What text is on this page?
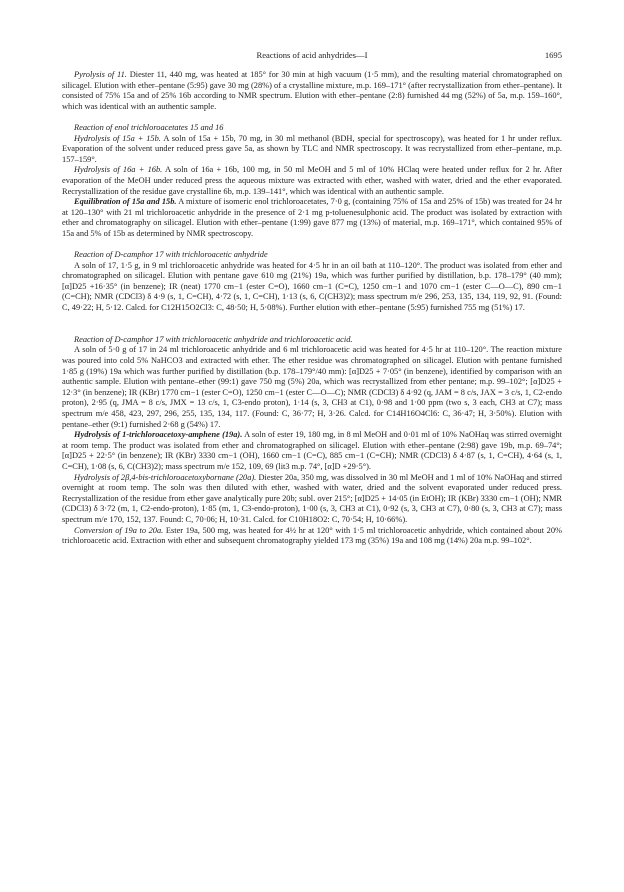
Reactions of acid anhydrides—I	1695

Pyrolysis of 11. Diester 11, 440 mg, was heated at 185° for 30 min at high vacuum (1·5 mm), and the resulting material chromatographed on silicagel. Elution with ether–pentane (5:95) gave 30 mg (28%) of a crystalline mixture, m.p. 169–171° (after recrystallization from ether–pentane). It consisted of 75% 15a and of 25% 16b according to NMR spectrum. Elution with ether–pentane (2:8) furnished 44 mg (52%) of 5a, m.p. 159–160°, which was identical with an authentic sample.

Reaction of enol trichloroacetates 15 and 16

Hydrolysis of 15a + 15b. A soln of 15a + 15b, 70 mg, in 30 ml methanol (BDH, special for spectroscopy), was heated for 1 hr under reflux. Evaporation of the solvent under reduced press gave 5a, as shown by TLC and NMR spectroscopy. It was recrystallized from ether–pentane, m.p. 157–159°.

Hydrolysis of 16a + 16b. A soln of 16a + 16b, 100 mg, in 50 ml MeOH and 5 ml of 10% HClaq were heated under reflux for 2 hr. After evaporation of the MeOH under reduced press the aqueous mixture was extracted with ether, washed with water, dried and the ether evaporated. Recrystallization of the residue gave crystalline 6b, m.p. 139–141°, which was identical with an authentic sample.

Equilibration of 15a and 15b. A mixture of isomeric enol trichloroacetates, 7·0 g, (containing 75% of 15a and 25% of 15b) was treated for 24 hr at 120–130° with 21 ml trichloroacetic anhydride in the presence of 2·1 mg p-toluenesulphonic acid. The product was isolated by extraction with ether and chromatography on silicagel. Elution with ether–pentane (1:99) gave 877 mg (13%) of material, m.p. 169–171°, which contained 95% of 15a and 5% of 15b as determined by NMR spectroscopy.

Reaction of D-camphor 17 with trichloroacetic anhydride

A soln of 17, 1·5 g, in 9 ml trichloroacetic anhydride was heated for 4·5 hr in an oil bath at 110–120°. The product was isolated from ether and chromatographed on silicagel. Elution with pentane gave 610 mg (21%) 19a, which was further purified by distillation, b.p. 178–179° (40 mm); [α]D25 +16·35° (in benzene); IR (neat) 1770 cm−1 (ester C=O), 1660 cm−1 (C=C), 1250 cm−1 and 1070 cm−1 (ester C—O—C), 890 cm−1 (C=CH); NMR (CDCl3) δ 4·9 (s, 1, C=CH), 4·72 (s, 1, C=CH), 1·13 (s, 6, C(CH3)2); mass spectrum m/e 296, 253, 135, 134, 119, 92, 91. (Found: C, 49·22; H, 5·12. Calcd. for C12H15O2Cl3: C, 48·50; H, 5·08%). Further elution with ether–pentane (5:95) furnished 755 mg (51%) 17.

Reaction of D-camphor 17 with trichloroacetic anhydride and trichloroacetic acid.

A soln of 5·0 g of 17 in 24 ml trichloroacetic anhydride and 6 ml trichloroacetic acid was heated for 4·5 hr at 110–120°. The reaction mixture was poured into cold 5% NaHCO3 and extracted with ether. The ether residue was chromatographed on silicagel. Elution with pentane furnished 1·85 g (19%) 19a which was further purified by distillation (b.p. 178–179°/40 mm): [α]D25 + 7·05° (in benzene), identified by comparison with an authentic sample. Elution with pentane–ether (99:1) gave 750 mg (5%) 20a, which was recrystallized from ether pentane; m.p. 99–102°; [α]D25 + 12·3° (in benzene); IR (KBr) 1770 cm−1 (ester C=O), 1250 cm−1 (ester C—O—C); NMR (CDCl3) δ 4·92 (q, JAM = 8 c/s, JAX = 3 c/s, 1, C2-endo proton), 2·95 (q, JMA = 8 c/s, JMX = 13 c/s, 1, C3-endo proton), 1·14 (s, 3, CH3 at C1), 0·98 and 1·00 ppm (two s, 3 each, CH3 at C7); mass spectrum m/e 458, 423, 297, 296, 255, 135, 134, 117. (Found: C, 36·77; H, 3·26. Calcd. for C14H16O4Cl6: C, 36·47; H, 3·50%). Elution with pentane–ether (9:1) furnished 2·68 g (54%) 17.

Hydrolysis of 1-trichloroacetoxy-amphene (19a). A soln of ester 19, 180 mg, in 8 ml MeOH and 0·01 ml of 10% NaOHaq was stirred overnight at room temp. The product was isolated from ether and chromatographed on silicagel. Elution with ether–pentane (2:98) gave 19b, m.p. 69–74°; [α]D25 + 22·5° (in benzene); IR (KBr) 3330 cm−1 (OH), 1660 cm−1 (C=C), 885 cm−1 (C=CH); NMR (CDCl3) δ 4·87 (s, 1, C=CH), 4·64 (s, 1, C=CH), 1·08 (s, 6, C(CH3)2); mass spectrum m/e 152, 109, 69 (lit3 m.p. 74°, [α]D +29·5°).

Hydrolysis of 2β,4-bis-trichloroacetoxybornane (20a). Diester 20a, 350 mg, was dissolved in 30 ml MeOH and 1 ml of 10% NaOHaq and stirred overnight at room temp. The soln was then diluted with ether, washed with water, dried and the solvent evaporated under reduced press. Recrystallization of the residue from ether gave analytically pure 20b; subl. over 215°; [α]D25 + 14·05 (in EtOH); IR (KBr) 3330 cm−1 (OH); NMR (CDCl3) δ 3·72 (m, 1, C2-endo-proton), 1·85 (m, 1, C3-endo-proton), 1·00 (s, 3, CH3 at C1), 0·92 (s, 3, CH3 at C7), 0·80 (s, 3, CH3 at C7); mass spectrum m/e 170, 152, 137. Found: C, 70·06; H, 10·31. Calcd. for C10H18O2: C, 70·54; H, 10·66%).

Conversion of 19a to 20a. Ester 19a, 500 mg, was heated for 4½ hr at 120° with 1·5 ml trichloroacetic anhydride, which contained about 20% trichloroacetic acid. Extraction with ether and subsequent chromatography yielded 173 mg (35%) 19a and 108 mg (14%) 20a m.p. 99–102°.
